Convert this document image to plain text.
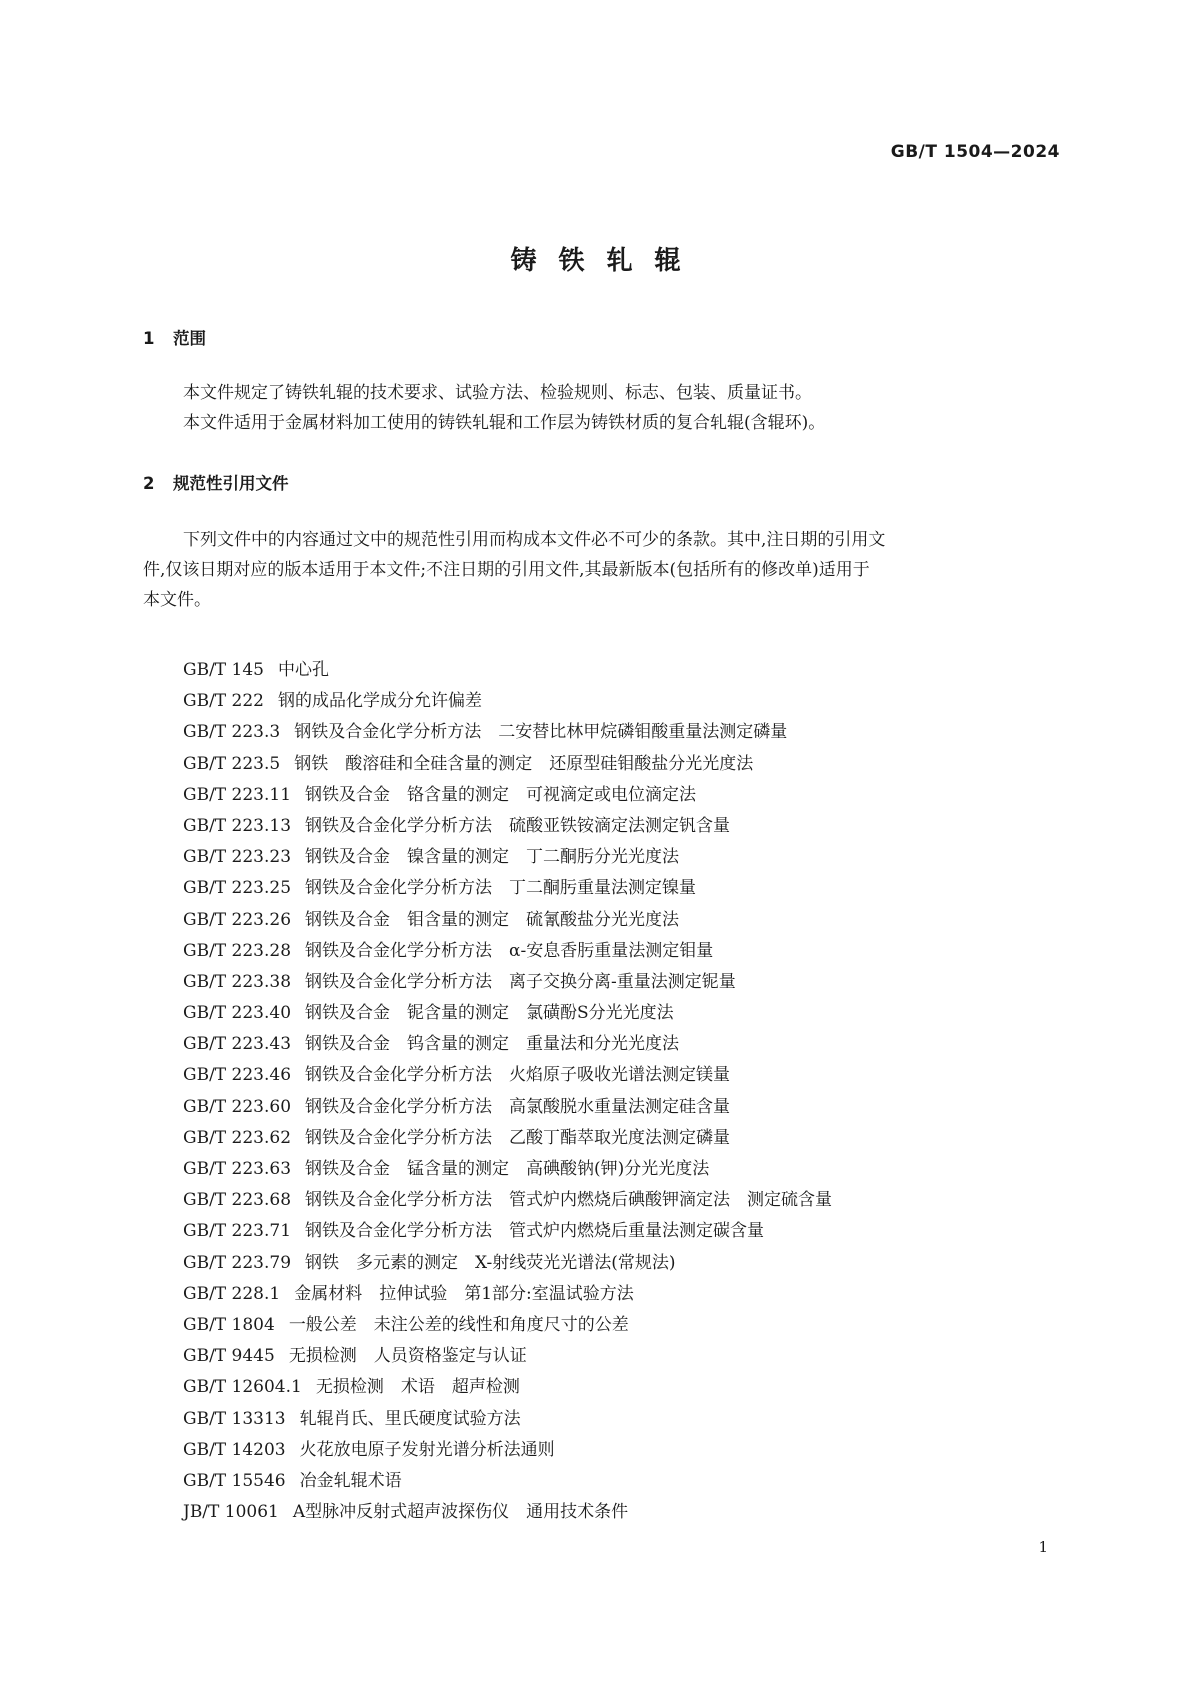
GB/T 1504—2024
铸铁轧辊
1 范围
本文件规定了铸铁轧辊的技术要求、试验方法、检验规则、标志、包装、质量证书。
本文件适用于金属材料加工使用的铸铁轧辊和工作层为铸铁材质的复合轧辊(含辊环)。
2 规范性引用文件
下列文件中的内容通过文中的规范性引用而构成本文件必不可少的条款。其中,注日期的引用文
件,仅该日期对应的版本适用于本文件;不注日期的引用文件,其最新版本(包括所有的修改单)适用于
本文件。
GB/T 145 中心孔
GB/T 222 钢的成品化学成分允许偏差
GB/T 223.3 钢铁及合金化学分析方法　二安替比林甲烷磷钼酸重量法测定磷量
GB/T 223.5 钢铁　酸溶硅和全硅含量的测定　还原型硅钼酸盐分光光度法
GB/T 223.11 钢铁及合金　铬含量的测定　可视滴定或电位滴定法
GB/T 223.13 钢铁及合金化学分析方法　硫酸亚铁铵滴定法测定钒含量
GB/T 223.23 钢铁及合金　镍含量的测定　丁二酮肟分光光度法
GB/T 223.25 钢铁及合金化学分析方法　丁二酮肟重量法测定镍量
GB/T 223.26 钢铁及合金　钼含量的测定　硫氰酸盐分光光度法
GB/T 223.28 钢铁及合金化学分析方法　α-安息香肟重量法测定钼量
GB/T 223.38 钢铁及合金化学分析方法　离子交换分离-重量法测定铌量
GB/T 223.40 钢铁及合金　铌含量的测定　氯磺酚S分光光度法
GB/T 223.43 钢铁及合金　钨含量的测定　重量法和分光光度法
GB/T 223.46 钢铁及合金化学分析方法　火焰原子吸收光谱法测定镁量
GB/T 223.60 钢铁及合金化学分析方法　高氯酸脱水重量法测定硅含量
GB/T 223.62 钢铁及合金化学分析方法　乙酸丁酯萃取光度法测定磷量
GB/T 223.63 钢铁及合金　锰含量的测定　高碘酸钠(钾)分光光度法
GB/T 223.68 钢铁及合金化学分析方法　管式炉内燃烧后碘酸钾滴定法　测定硫含量
GB/T 223.71 钢铁及合金化学分析方法　管式炉内燃烧后重量法测定碳含量
GB/T 223.79 钢铁　多元素的测定　X-射线荧光光谱法(常规法)
GB/T 228.1 金属材料　拉伸试验　第1部分:室温试验方法
GB/T 1804 一般公差　未注公差的线性和角度尺寸的公差
GB/T 9445 无损检测　人员资格鉴定与认证
GB/T 12604.1 无损检测　术语　超声检测
GB/T 13313 轧辊肖氏、里氏硬度试验方法
GB/T 14203 火花放电原子发射光谱分析法通则
GB/T 15546 冶金轧辊术语
JB/T 10061 A型脉冲反射式超声波探伤仪　通用技术条件
1
